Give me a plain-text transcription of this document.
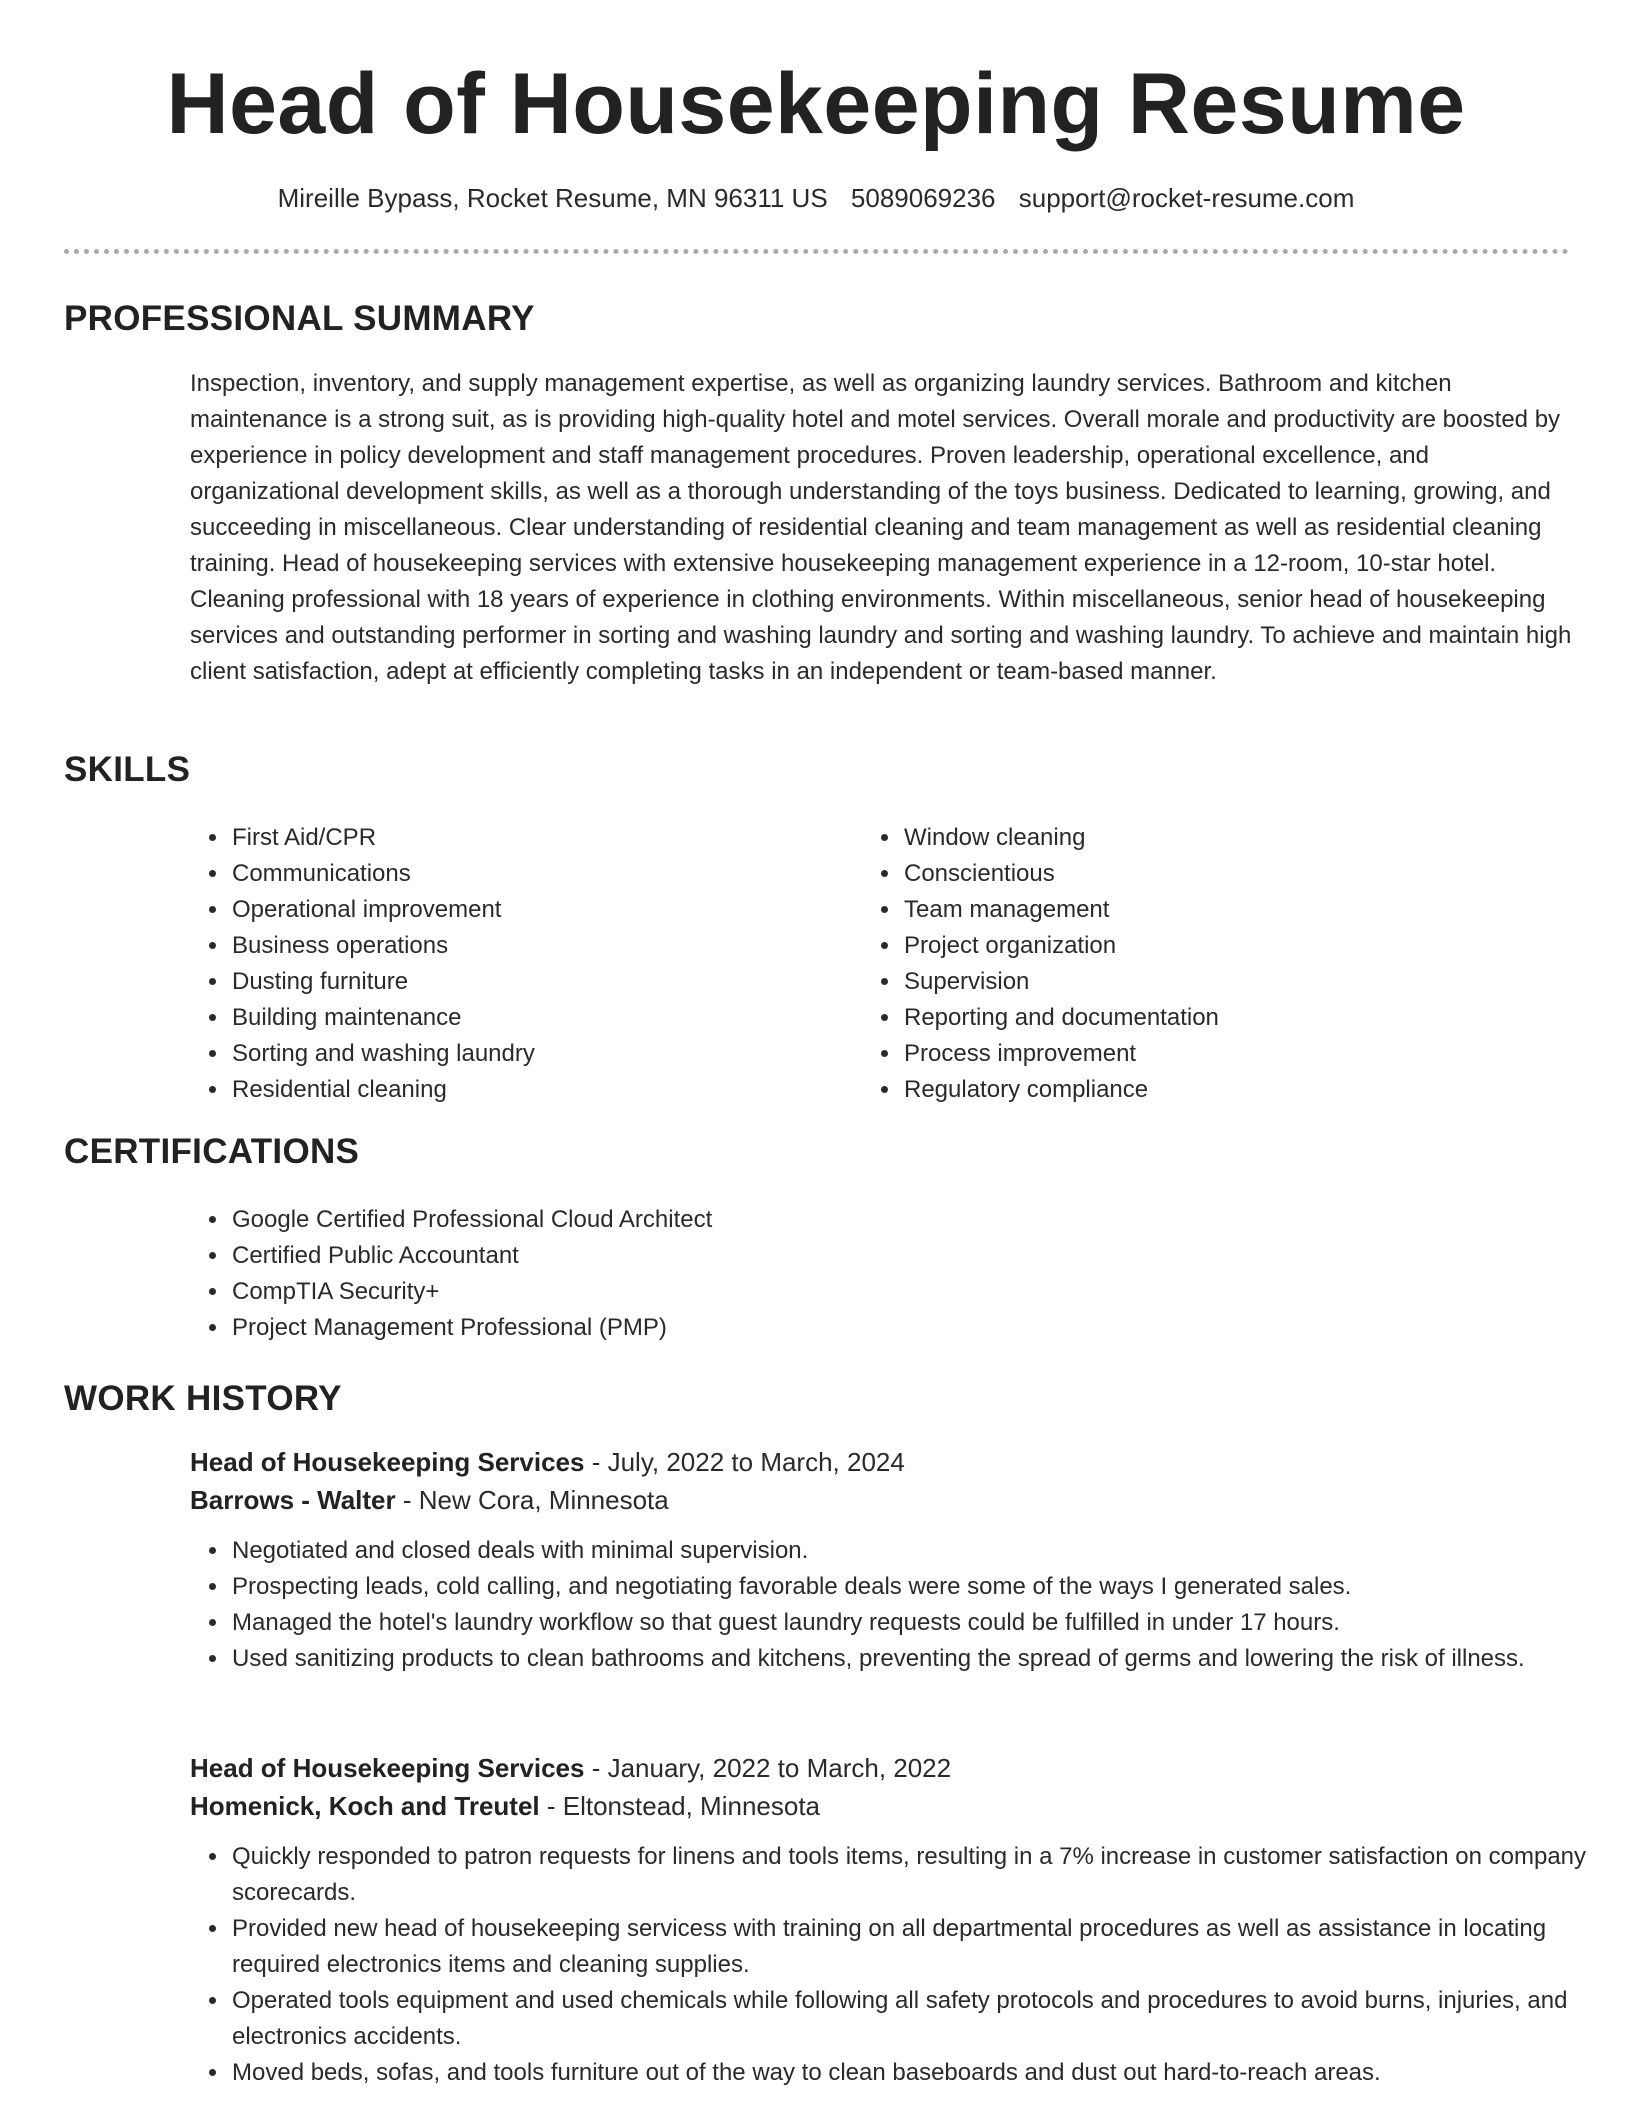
Head of Housekeeping Resume
Mireille Bypass, Rocket Resume, MN 96311 US 5089069236 support@rocket-resume.com
PROFESSIONAL SUMMARY

Inspection, inventory, and supply management expertise, as well as organizing laundry services. Bathroom and kitchen maintenance is a strong suit, as is providing high-quality hotel and motel services. Overall morale and productivity are boosted by experience in policy development and staff management procedures. Proven leadership, operational excellence, and organizational development skills, as well as a thorough understanding of the toys business. Dedicated to learning, growing, and succeeding in miscellaneous. Clear understanding of residential cleaning and team management as well as residential cleaning training. Head of housekeeping services with extensive housekeeping management experience in a 12-room, 10-star hotel. Cleaning professional with 18 years of experience in clothing environments. Within miscellaneous, senior head of housekeeping services and outstanding performer in sorting and washing laundry and sorting and washing laundry. To achieve and maintain high client satisfaction, adept at efficiently completing tasks in an independent or team-based manner.

SKILLS
• First Aid/CPR
• Communications
• Operational improvement
• Business operations
• Dusting furniture
• Building maintenance
• Sorting and washing laundry
• Residential cleaning
• Window cleaning
• Conscientious
• Team management
• Project organization
• Supervision
• Reporting and documentation
• Process improvement
• Regulatory compliance
CERTIFICATIONS
• Google Certified Professional Cloud Architect
• Certified Public Accountant
• CompTIA Security+
• Project Management Professional (PMP)
WORK HISTORY
Head of Housekeeping Services - July, 2022 to March, 2024
Barrows - Walter - New Cora, Minnesota
• Negotiated and closed deals with minimal supervision.
• Prospecting leads, cold calling, and negotiating favorable deals were some of the ways I generated sales.
• Managed the hotel's laundry workflow so that guest laundry requests could be fulfilled in under 17 hours.
• Used sanitizing products to clean bathrooms and kitchens, preventing the spread of germs and lowering the risk of illness.
Head of Housekeeping Services - January, 2022 to March, 2022
Homenick, Koch and Treutel - Eltonstead, Minnesota
• Quickly responded to patron requests for linens and tools items, resulting in a 7% increase in customer satisfaction on company scorecards.
• Provided new head of housekeeping servicess with training on all departmental procedures as well as assistance in locating required electronics items and cleaning supplies.
• Operated tools equipment and used chemicals while following all safety protocols and procedures to avoid burns, injuries, and electronics accidents.
• Moved beds, sofas, and tools furniture out of the way to clean baseboards and dust out hard-to-reach areas.
